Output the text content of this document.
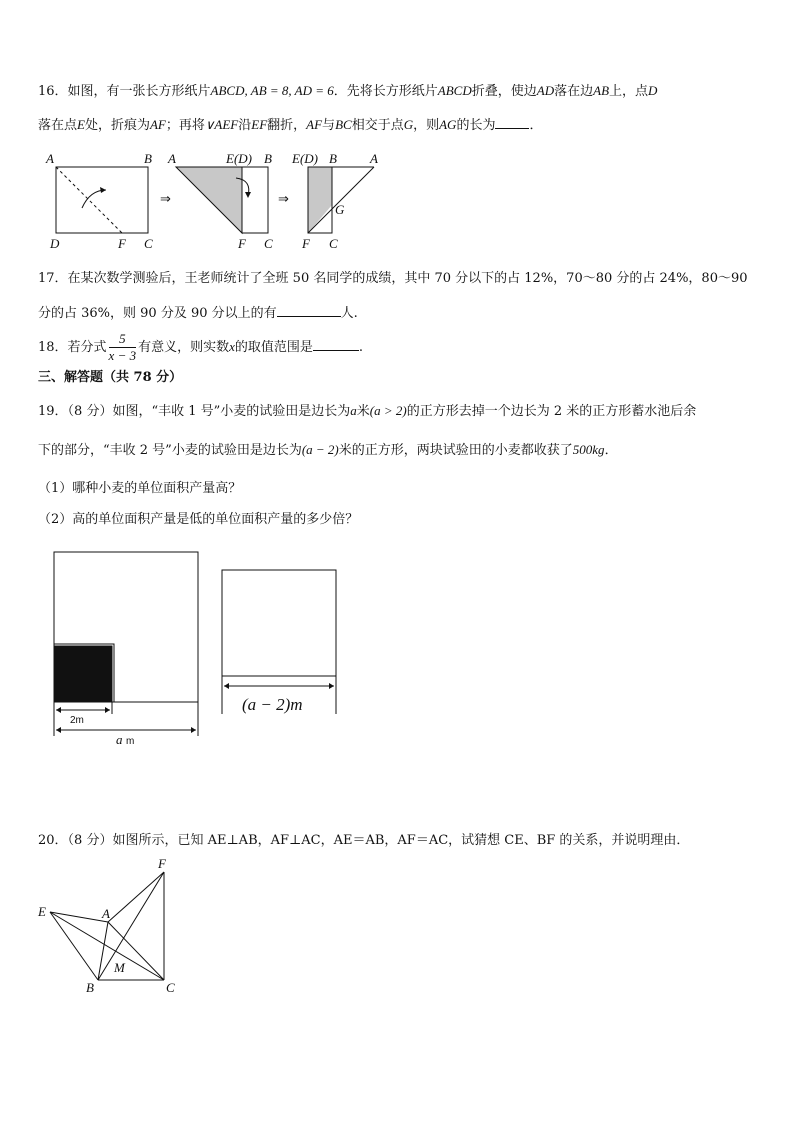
16．如图，有一张长方形纸片ABCD, AB = 8, AD = 6．先将长方形纸片ABCD折叠，使边AD落在边AB上，点D
落在点E处，折痕为AF；再将∨AEF沿EF翻折，AF与BC相交于点G，则AG的长为	．
A	B
D	F C
⇒
A	E(D) B
F C
⇒
E(D) B	A
G
F C
17．在某次数学测验后，王老师统计了全班 50 名同学的成绩，其中 70 分以下的占 12%，70～80 分的占 24%，80～90
分的占 36%，则 90 分及 90 分以上的有	人.
18．若分式 $\frac{5}{x - 3}$ 有意义，则实数x的取值范围是	.
三、解答题（共 78 分）
19．（8 分）如图，“丰收 1 号”小麦的试验田是边长为a米(a > 2)的正方形去掉一个边长为 2 米的正方形蓄水池后余
下的部分，“丰收 2 号”小麦的试验田是边长为(a − 2)米的正方形，两块试验田的小麦都收获了500kg．
（1）哪种小麦的单位面积产量高？
（2）高的单位面积产量是低的单位面积产量的多少倍？
2m
a m
(a − 2)m
20．（8 分）如图所示，已知 AE⊥AB，AF⊥AC，AE＝AB，AF＝AC，试猜想 CE、BF 的关系，并说明理由．
E	A
F
M
B	C
